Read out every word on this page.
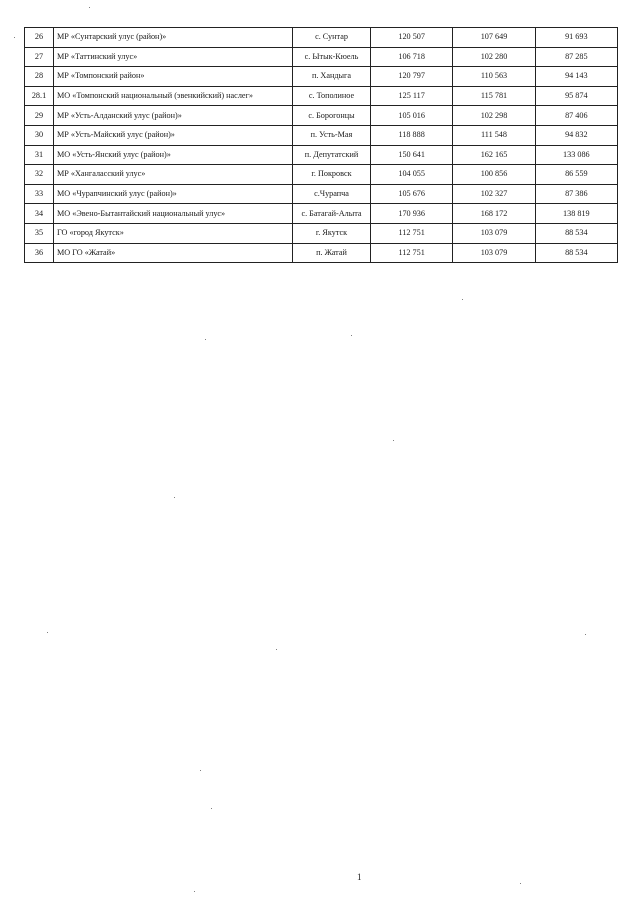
26	МР «Сунтарский улус (район)»	с. Сунтар	120 507	107 649	91 693
27	МР «Таттинский улус»	с. Ытык-Кюель	106 718	102 280	87 285
28	МР «Томпонский район»	п. Хандыга	120 797	110 563	94 143
28.1	МО «Томпонский национальный (эвенкийский) наслег»	с. Тополиное	125 117	115 781	95 874
29	МР «Усть-Алданский улус (район)»	с. Борогонцы	105 016	102 298	87 406
30	МР «Усть-Майский улус (район)»	п. Усть-Мая	118 888	111 548	94 832
31	МО «Усть-Янский улус (район)»	п. Депутатский	150 641	162 165	133 086
32	МР «Хангаласский улус»	г. Покровск	104 055	100 856	86 559
33	МО «Чурапчинский улус (район)»	с.Чурапча	105 676	102 327	87 386
34	МО «Эвено-Бытантайский национальный улус»	с. Батагай-Алыта	170 936	168 172	138 819
35	ГО «город Якутск»	г. Якутск	112 751	103 079	88 534
36	МО ГО «Жатай»	п. Жатай	112 751	103 079	88 534
1
